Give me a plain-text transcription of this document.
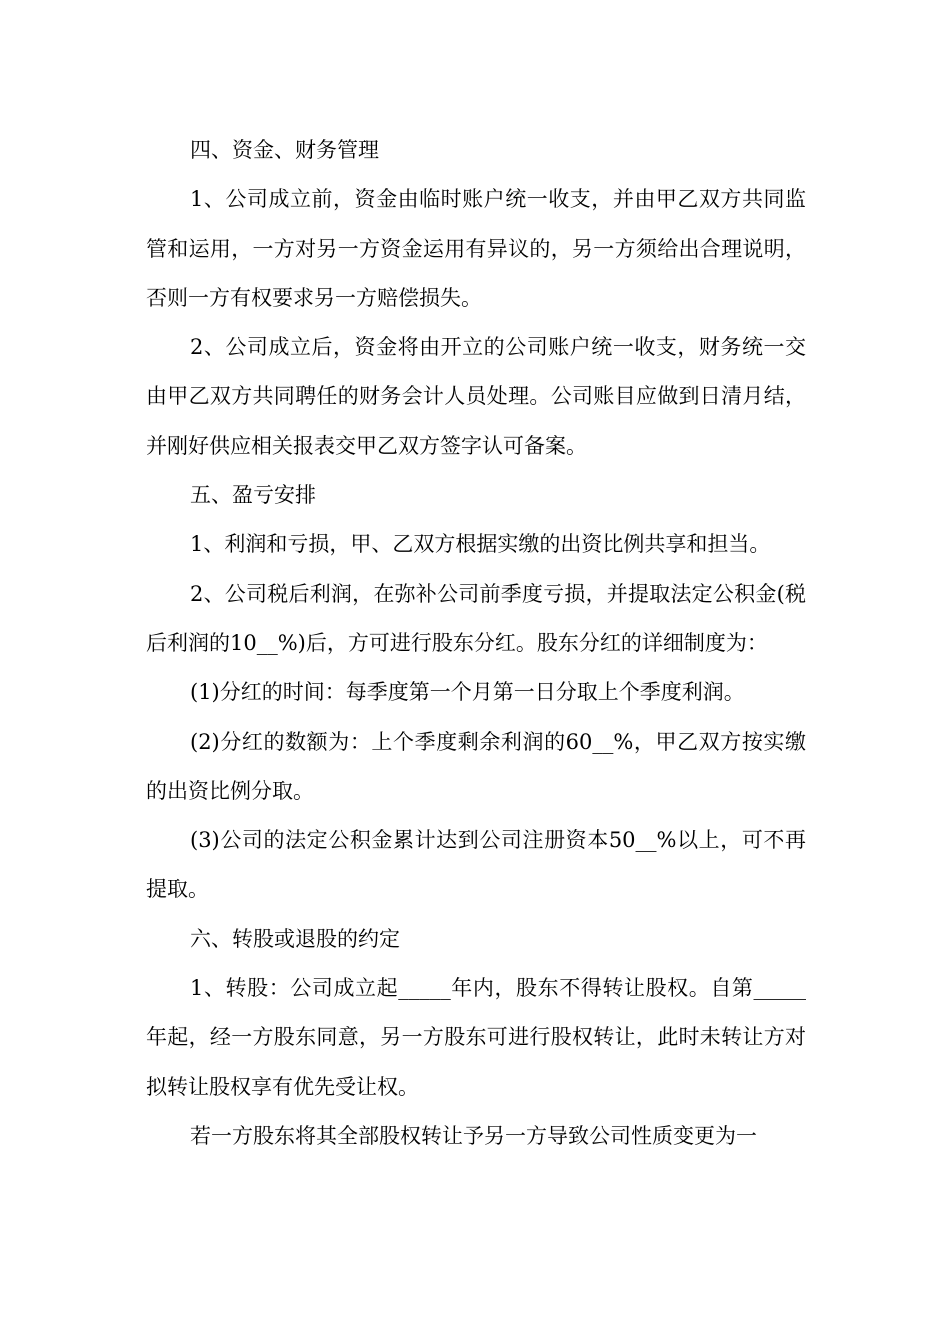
四、资金、财务管理

1、公司成立前，资金由临时账户统一收支，并由甲乙双方共同监管和运用，一方对另一方资金运用有异议的，另一方须给出合理说明，否则一方有权要求另一方赔偿损失。

2、公司成立后，资金将由开立的公司账户统一收支，财务统一交由甲乙双方共同聘任的财务会计人员处理。公司账目应做到日清月结，并刚好供应相关报表交甲乙双方签字认可备案。

五、盈亏安排

1、利润和亏损，甲、乙双方根据实缴的出资比例共享和担当。

2、公司税后利润，在弥补公司前季度亏损，并提取法定公积金(税后利润的10__%)后，方可进行股东分红。股东分红的详细制度为：

(1)分红的时间：每季度第一个月第一日分取上个季度利润。

(2)分红的数额为：上个季度剩余利润的60__%，甲乙双方按实缴的出资比例分取。

(3)公司的法定公积金累计达到公司注册资本50__%以上，可不再提取。

六、转股或退股的约定

1、转股：公司成立起_____年内，股东不得转让股权。自第_____年起，经一方股东同意，另一方股东可进行股权转让，此时未转让方对拟转让股权享有优先受让权。

若一方股东将其全部股权转让予另一方导致公司性质变更为一
